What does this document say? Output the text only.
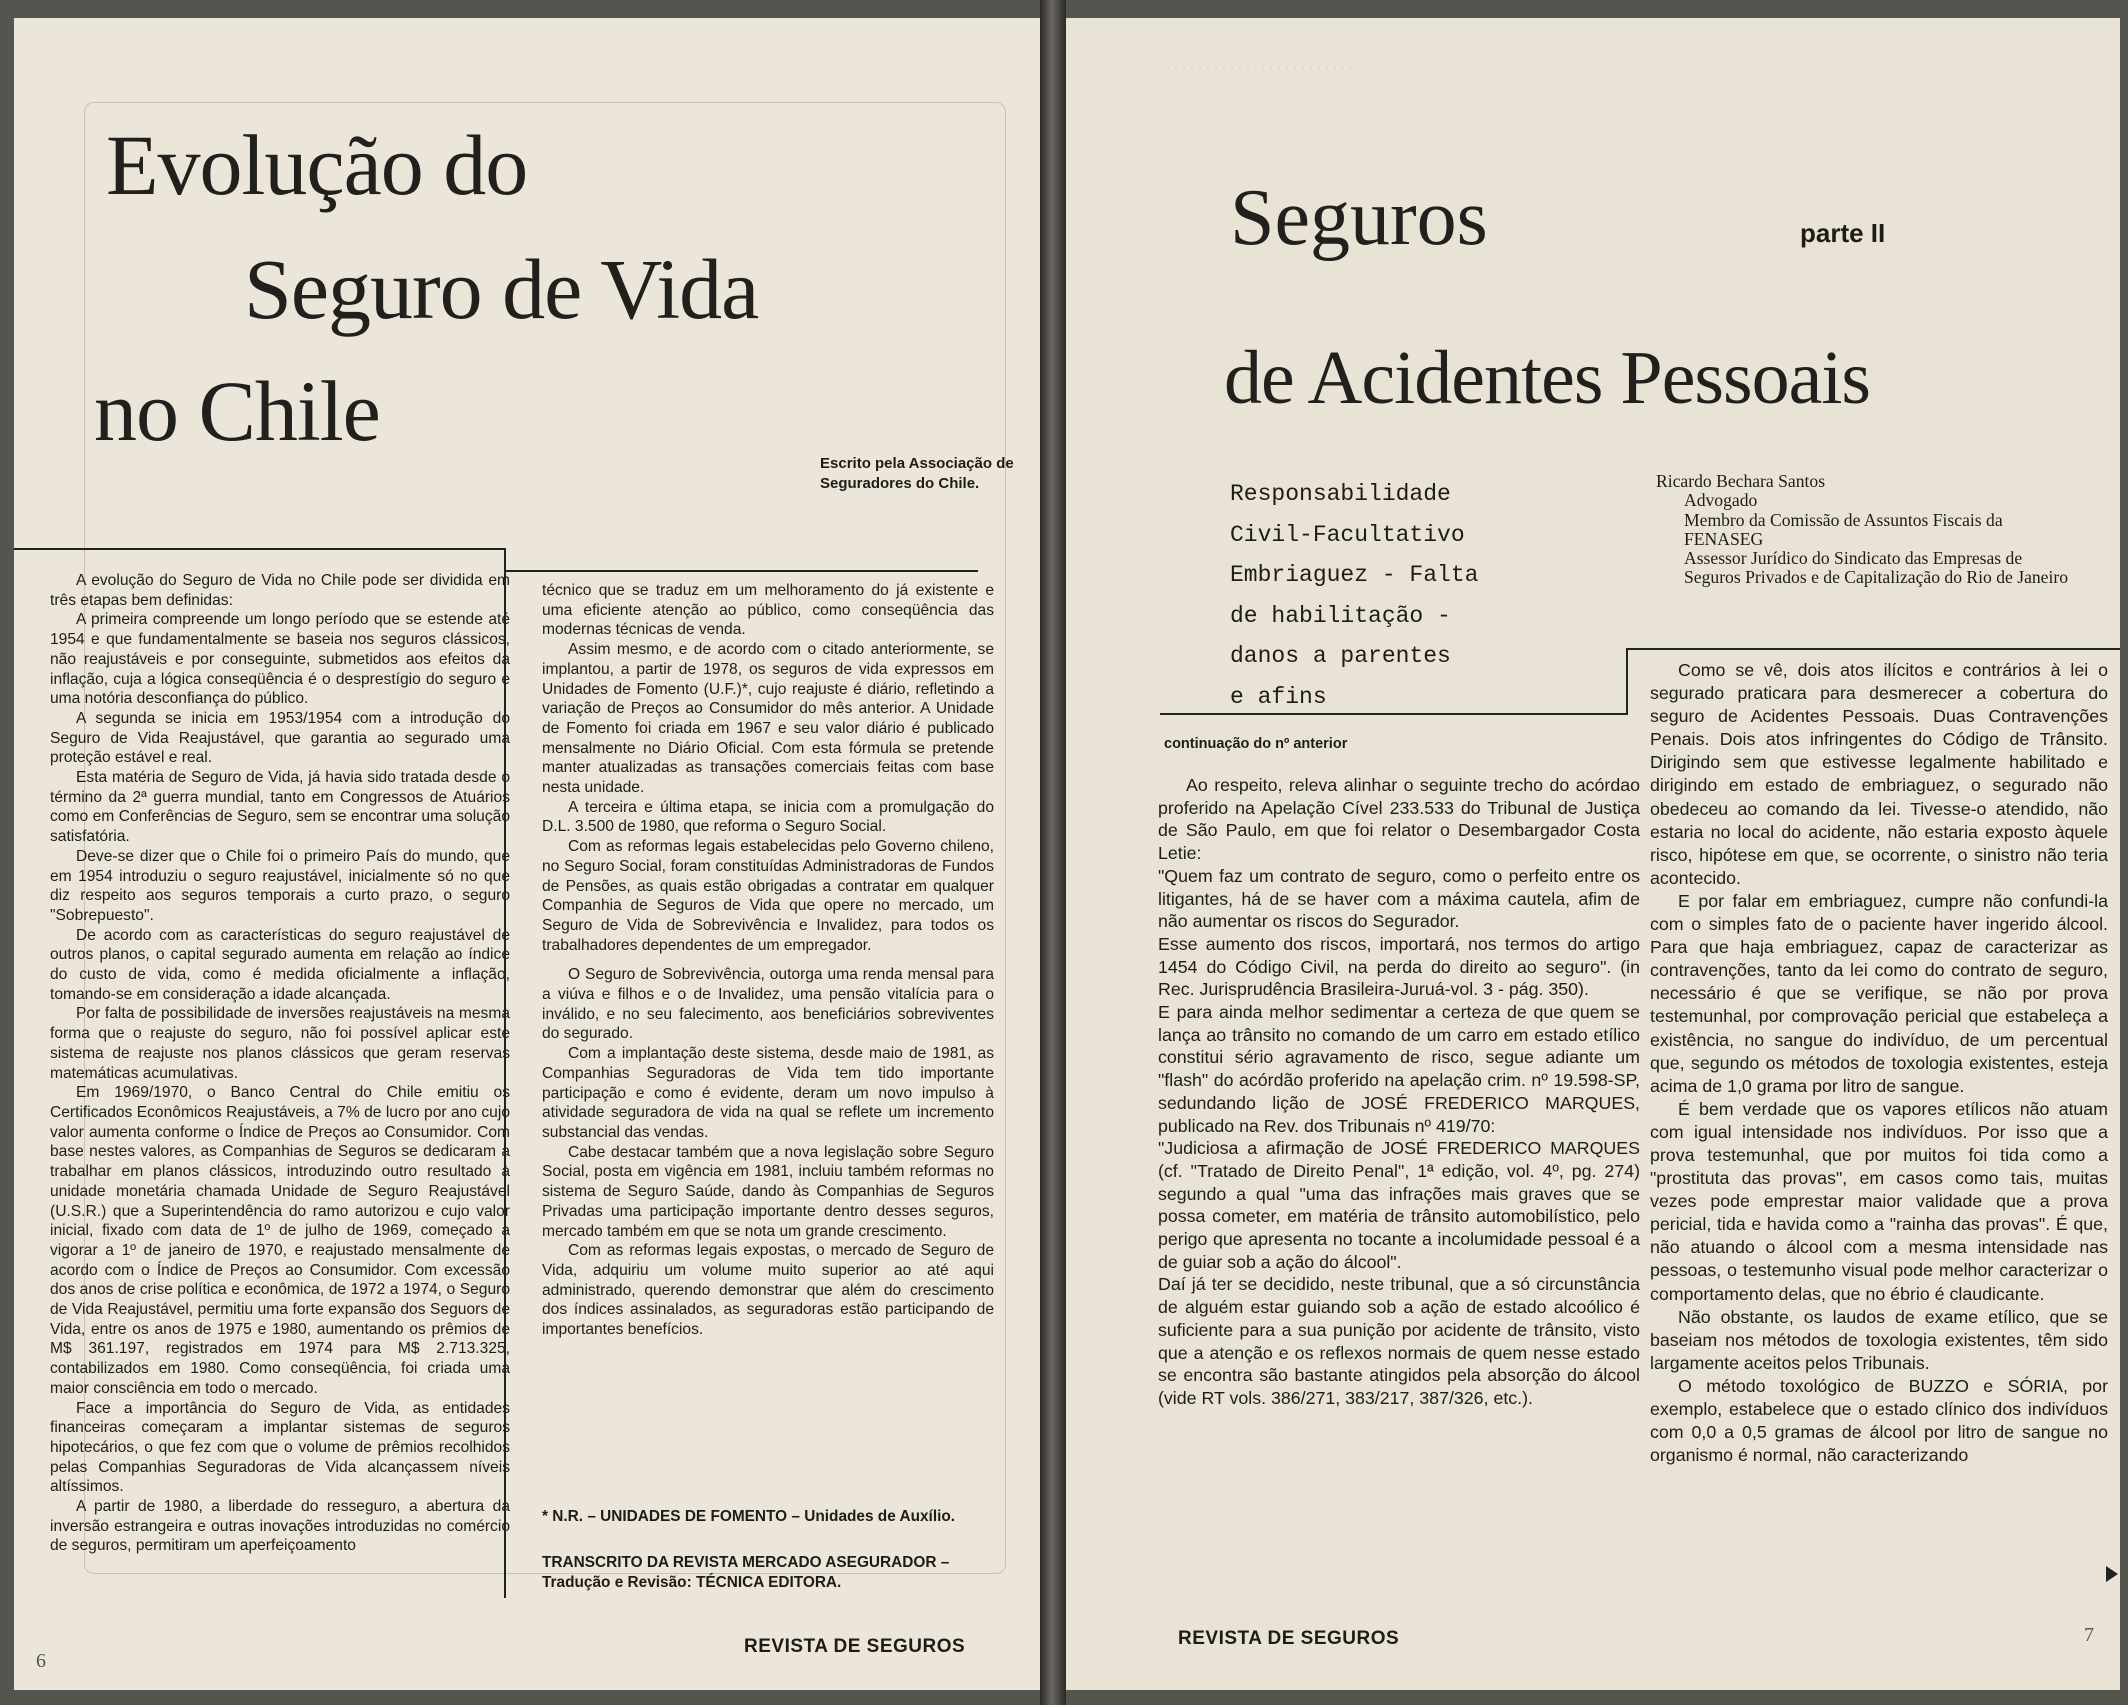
Evolução do
Seguro de Vida
no Chile
Escrito pela Associação de Seguradores do Chile.

A evolução do Seguro de Vida no Chile pode ser dividida em três etapas bem definidas:

A primeira compreende um longo período que se estende até 1954 e que fundamentalmente se baseia nos seguros clássicos, não reajustáveis e por conseguinte, submetidos aos efeitos da inflação, cuja a lógica conseqüência é o desprestígio do seguro e uma notória desconfiança do público.

A segunda se inicia em 1953/1954 com a introdução do Seguro de Vida Reajustável, que garantia ao segurado uma proteção estável e real.

Esta matéria de Seguro de Vida, já havia sido tratada desde o término da 2ª guerra mundial, tanto em Congressos de Atuários como em Conferências de Seguro, sem se encontrar uma solução satisfatória.

Deve-se dizer que o Chile foi o primeiro País do mundo, que em 1954 introduziu o seguro reajustável, inicialmente só no que diz respeito aos seguros temporais a curto prazo, o seguro "Sobrepuesto".

De acordo com as características do seguro reajustável de outros planos, o capital segurado aumenta em relação ao índice do custo de vida, como é medida oficialmente a inflação, tomando-se em consideração a idade alcançada.

Por falta de possibilidade de inversões reajustáveis na mesma forma que o reajuste do seguro, não foi possível aplicar este sistema de reajuste nos planos clássicos que geram reservas matemáticas acumulativas.

Em 1969/1970, o Banco Central do Chile emitiu os Certificados Econômicos Reajustáveis, a 7% de lucro por ano cujo valor aumenta conforme o Índice de Preços ao Consumidor. Com base nestes valores, as Companhias de Seguros se dedicaram a trabalhar em planos clássicos, introduzindo outro resultado à unidade monetária chamada Unidade de Seguro Reajustável (U.S.R.) que a Superintendência do ramo autorizou e cujo valor inicial, fixado com data de 1º de julho de 1969, começado a vigorar a 1º de janeiro de 1970, e reajustado mensalmente de acordo com o Índice de Preços ao Consumidor. Com excessão dos anos de crise política e econômica, de 1972 a 1974, o Seguro de Vida Reajustável, permitiu uma forte expansão dos Seguors de Vida, entre os anos de 1975 e 1980, aumentando os prêmios de M$ 361.197, registrados em 1974 para M$ 2.713.325, contabilizados em 1980. Como conseqüência, foi criada uma maior consciência em todo o mercado.

Face a importância do Seguro de Vida, as entidades financeiras começaram a implantar sistemas de seguros hipotecários, o que fez com que o volume de prêmios recolhidos pelas Companhias Seguradoras de Vida alcançassem níveis altíssimos.

A partir de 1980, a liberdade do resseguro, a abertura da inversão estrangeira e outras inovações introduzidas no comércio de seguros, permitiram um aperfeiçoamento

técnico que se traduz em um melhoramento do já existente e uma eficiente atenção ao público, como conseqüência das modernas técnicas de venda.

Assim mesmo, e de acordo com o citado anteriormente, se implantou, a partir de 1978, os seguros de vida expressos em Unidades de Fomento (U.F.)*, cujo reajuste é diário, refletindo a variação de Preços ao Consumidor do mês anterior. A Unidade de Fomento foi criada em 1967 e seu valor diário é publicado mensalmente no Diário Oficial. Com esta fórmula se pretende manter atualizadas as transações comerciais feitas com base nesta unidade.

A terceira e última etapa, se inicia com a promulgação do D.L. 3.500 de 1980, que reforma o Seguro Social.

Com as reformas legais estabelecidas pelo Governo chileno, no Seguro Social, foram constituídas Administradoras de Fundos de Pensões, as quais estão obrigadas a contratar em qualquer Companhia de Seguros de Vida que opere no mercado, um Seguro de Vida de Sobrevivência e Invalidez, para todos os trabalhadores dependentes de um empregador.

O Seguro de Sobrevivência, outorga uma renda mensal para a viúva e filhos e o de Invalidez, uma pensão vitalícia para o inválido, e no seu falecimento, aos beneficiários sobreviventes do segurado.

Com a implantação deste sistema, desde maio de 1981, as Companhias Seguradoras de Vida tem tido importante participação e como é evidente, deram um novo impulso à atividade seguradora de vida na qual se reflete um incremento substancial das vendas.

Cabe destacar também que a nova legislação sobre Seguro Social, posta em vigência em 1981, incluiu também reformas no sistema de Seguro Saúde, dando às Companhias de Seguros Privadas uma participação importante dentro desses seguros, mercado também em que se nota um grande crescimento.

Com as reformas legais expostas, o mercado de Seguro de Vida, adquiriu um volume muito superior ao até aqui administrado, querendo demonstrar que além do crescimento dos índices assinalados, as seguradoras estão participando de importantes benefícios.

* N.R. – UNIDADES DE FOMENTO – Unidades de Auxílio.
TRANSCRITO DA REVISTA MERCADO ASEGURADOR – Tradução e Revisão: TÉCNICA EDITORA.
REVISTA DE SEGUROS
6
· · · · · · · · · · · · · · · · · · · · · · · ·
Seguros	parte II
de Acidentes Pessoais
Responsabilidade
Civil-Facultativo
Embriaguez - Falta
de habilitação -
danos a parentes
e afins
Ricardo Bechara Santos
Advogado
Membro da Comissão de Assuntos Fiscais da FENASEG
Assessor Jurídico do Sindicato das Empresas de Seguros Privados e de Capitalização do Rio de Janeiro
continuação do nº anterior

Ao respeito, releva alinhar o seguinte trecho do acórdao proferido na Apelação Cível 233.533 do Tribunal de Justiça de São Paulo, em que foi relator o Desembargador Costa Letie:

"Quem faz um contrato de seguro, como o perfeito entre os litigantes, há de se haver com a máxima cautela, afim de não aumentar os riscos do Segurador.

Esse aumento dos riscos, importará, nos termos do artigo 1454 do Código Civil, na perda do direito ao seguro". (in Rec. Jurisprudência Brasileira-Juruá-vol. 3 - pág. 350).

E para ainda melhor sedimentar a certeza de que quem se lança ao trânsito no comando de um carro em estado etílico constitui sério agravamento de risco, segue adiante um "flash" do acórdão proferido na apelação crim. nº 19.598-SP, sedundando lição de JOSÉ FREDERICO MARQUES, publicado na Rev. dos Tribunais nº 419/70:

"Judiciosa a afirmação de JOSÉ FREDERICO MARQUES (cf. "Tratado de Direito Penal", 1ª edição, vol. 4º, pg. 274) segundo a qual "uma das infrações mais graves que se possa cometer, em matéria de trânsito automobilístico, pelo perigo que apresenta no tocante a incolumidade pessoal é a de guiar sob a ação do álcool".

Daí já ter se decidido, neste tribunal, que a só circunstância de alguém estar guiando sob a ação de estado alcoólico é suficiente para a sua punição por acidente de trânsito, visto que a atenção e os reflexos normais de quem nesse estado se encontra são bastante atingidos pela absorção do álcool (vide RT vols. 386/271, 383/217, 387/326, etc.).

Como se vê, dois atos ilícitos e contrários à lei o segurado praticara para desmerecer a cobertura do seguro de Acidentes Pessoais. Duas Contravenções Penais. Dois atos infringentes do Código de Trânsito. Dirigindo sem que estivesse legalmente habilitado e dirigindo em estado de embriaguez, o segurado não obedeceu ao comando da lei. Tivesse-o atendido, não estaria no local do acidente, não estaria exposto àquele risco, hipótese em que, se ocorrente, o sinistro não teria acontecido.

E por falar em embriaguez, cumpre não confundi-la com o simples fato de o paciente haver ingerido álcool. Para que haja embriaguez, capaz de caracterizar as contravenções, tanto da lei como do contrato de seguro, necessário é que se verifique, se não por prova testemunhal, por comprovação pericial que estabeleça a existência, no sangue do indivíduo, de um percentual que, segundo os métodos de toxologia existentes, esteja acima de 1,0 grama por litro de sangue.

É bem verdade que os vapores etílicos não atuam com igual intensidade nos indivíduos. Por isso que a prova testemunhal, que por muitos foi tida como a "prostituta das provas", em casos como tais, muitas vezes pode emprestar maior validade que a prova pericial, tida e havida como a "rainha das provas". É que, não atuando o álcool com a mesma intensidade nas pessoas, o testemunho visual pode melhor caracterizar o comportamento delas, que no ébrio é claudicante.

Não obstante, os laudos de exame etílico, que se baseiam nos métodos de toxologia existentes, têm sido largamente aceitos pelos Tribunais.

O método toxológico de BUZZO e SÓRIA, por exemplo, estabelece que o estado clínico dos indivíduos com 0,0 a 0,5 gramas de álcool por litro de sangue no organismo é normal, não caracterizando

REVISTA DE SEGUROS	7
